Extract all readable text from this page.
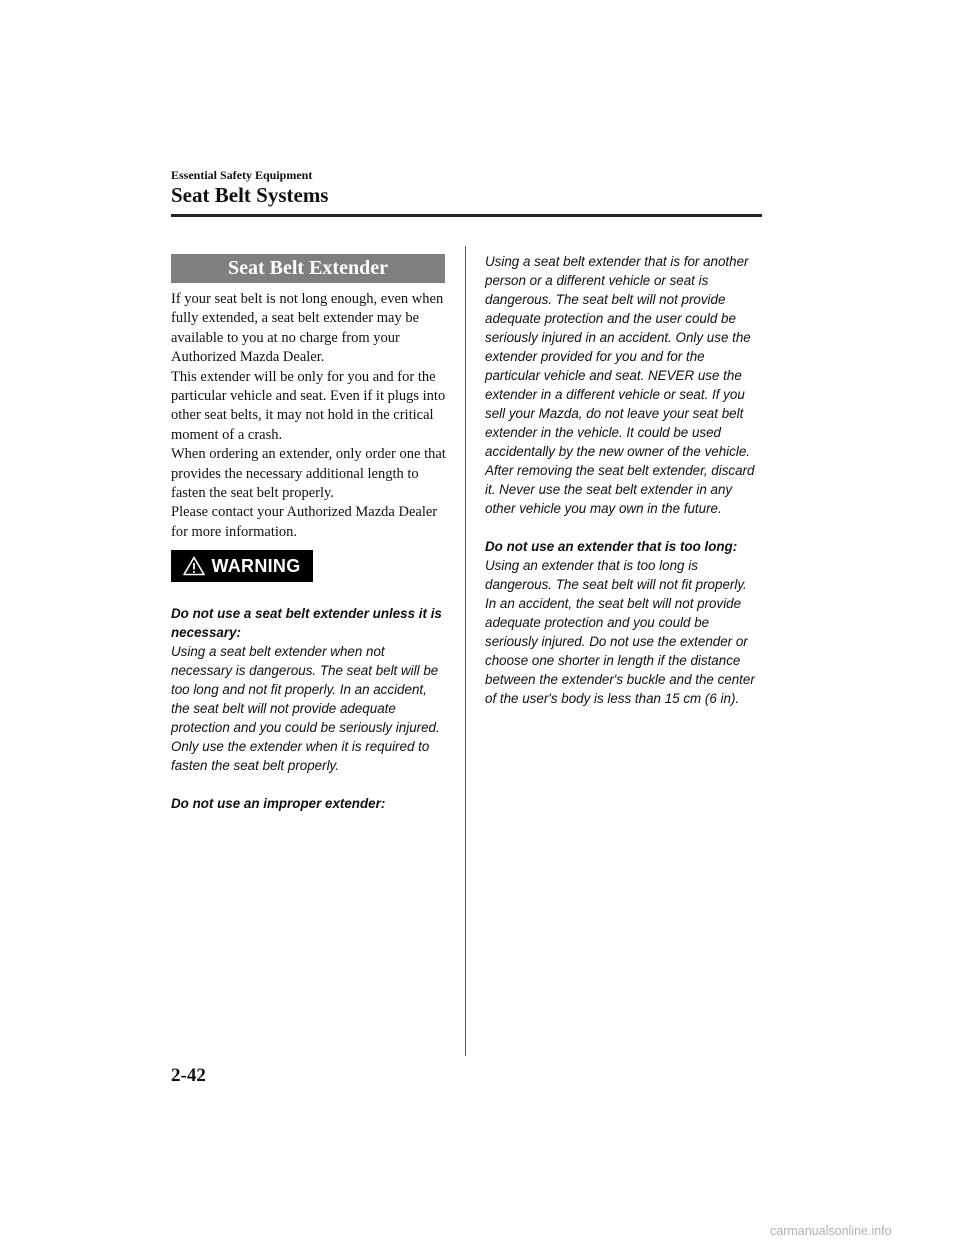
Essential Safety Equipment
Seat Belt Systems
Seat Belt Extender

If your seat belt is not long enough, even when fully extended, a seat belt extender may be available to you at no charge from your Authorized Mazda Dealer.

This extender will be only for you and for the particular vehicle and seat. Even if it plugs into other seat belts, it may not hold in the critical moment of a crash.

When ordering an extender, only order one that provides the necessary additional length to fasten the seat belt properly.

Please contact your Authorized Mazda Dealer for more information.

WARNING

Do not use a seat belt extender unless it is necessary:

Using a seat belt extender when not necessary is dangerous. The seat belt will be too long and not fit properly. In an accident, the seat belt will not provide adequate protection and you could be seriously injured. Only use the extender when it is required to fasten the seat belt properly.

Do not use an improper extender:

Using a seat belt extender that is for another person or a different vehicle or seat is dangerous. The seat belt will not provide adequate protection and the user could be seriously injured in an accident. Only use the extender provided for you and for the particular vehicle and seat. NEVER use the extender in a different vehicle or seat. If you sell your Mazda, do not leave your seat belt extender in the vehicle. It could be used accidentally by the new owner of the vehicle. After removing the seat belt extender, discard it. Never use the seat belt extender in any other vehicle you may own in the future.

Do not use an extender that is too long:

Using an extender that is too long is dangerous. The seat belt will not fit properly. In an accident, the seat belt will not provide adequate protection and you could be seriously injured. Do not use the extender or choose one shorter in length if the distance between the extender's buckle and the center of the user's body is less than 15 cm (6 in).

2-42
carmanualsonline.info
